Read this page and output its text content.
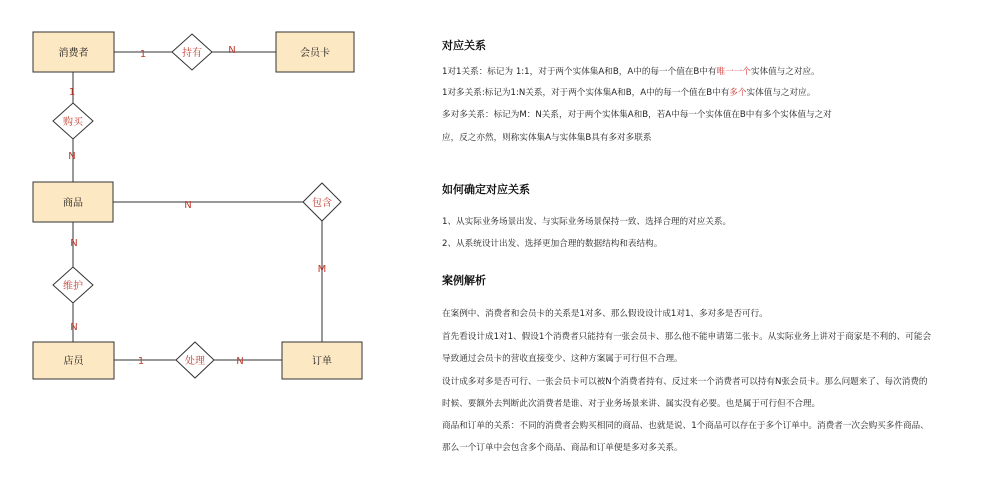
消费者	会员卡
商品
店员	订单
持有
购买
包含
维护
处理
1	N
1
N
N
M
N
N
1	N
对应关系
1对1关系：标记为 1:1，对于两个实体集A和B，A中的每一个值在B中有唯一一个实体值与之对应。
1对多关系:标记为1:N关系，对于两个实体集A和B，A中的每一个值在B中有多个实体值与之对应。
多对多关系：标记为M：N关系，对于两个实体集A和B，若A中每一个实体值在B中有多个实体值与之对
应，反之亦然，则称实体集A与实体集B具有多对多联系
如何确定对应关系
1、从实际业务场景出发、与实际业务场景保持一致、选择合理的对应关系。
2、从系统设计出发、选择更加合理的数据结构和表结构。
案例解析
在案例中、消费者和会员卡的关系是1对多、那么假设设计成1对1、多对多是否可行。
首先看设计成1对1、假设1个消费者只能持有一张会员卡、那么他不能申请第二张卡。从实际业务上讲对于商家是不利的、可能会
导致通过会员卡的营收直接变少、这种方案属于可行但不合理。
设计成多对多是否可行、一张会员卡可以被N个消费者持有、反过来一个消费者可以持有N张会员卡。那么问题来了、每次消费的
时候、要额外去判断此次消费者是谁、对于业务场景来讲、属实没有必要。也是属于可行但不合理。
商品和订单的关系：不同的消费者会购买相同的商品、也就是说、1个商品可以存在于多个订单中。消费者一次会购买多件商品、
那么一个订单中会包含多个商品、商品和订单便是多对多关系。
